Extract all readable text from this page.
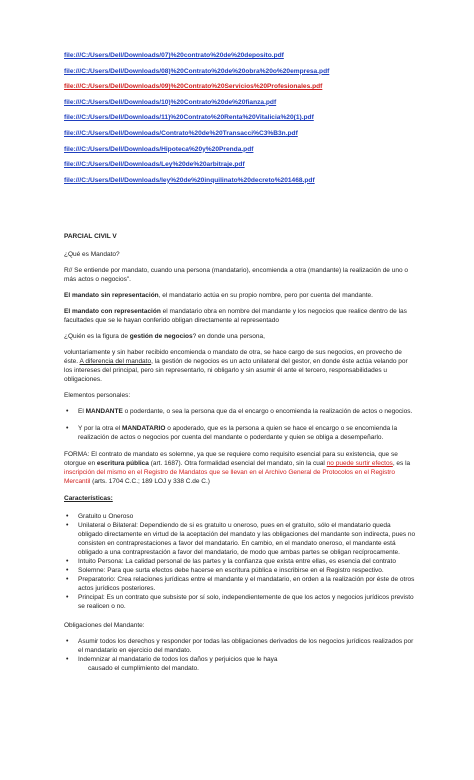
file:///C:/Users/Dell/Downloads/07)%20contrato%20de%20deposito.pdf
file:///C:/Users/Dell/Downloads/08)%20Contrato%20de%20obra%20o%20empresa.pdf
file:///C:/Users/Dell/Downloads/09)%20Contrato%20Servicios%20Profesionales.pdf
file:///C:/Users/Dell/Downloads/10)%20Contrato%20de%20fianza.pdf
file:///C:/Users/Dell/Downloads/11)%20Contrato%20Renta%20Vitalicia%20(1).pdf
file:///C:/Users/Dell/Downloads/Contrato%20de%20Transacci%C3%B3n.pdf
file:///C:/Users/Dell/Downloads/Hipoteca%20y%20Prenda.pdf
file:///C:/Users/Dell/Downloads/Ley%20de%20arbitraje.pdf
file:///C:/Users/Dell/Downloads/ley%20de%20inquilinato%20decreto%201468.pdf

PARCIAL CIVIL V

¿Qué es Mandato?

R// Se entiende por mandato, cuando una persona (mandatario), encomienda a otra (mandante) la realización de uno o más actos o negocios".

El mandato sin representación, el mandatario actúa en su propio nombre, pero por cuenta del mandante.

El mandato con representación el mandatario obra en nombre del mandante y los negocios que realice dentro de las facultades que se le hayan conferido obligan directamente al representado

¿Quién es la figura de gestión de negocios? en donde una persona,

voluntariamente y sin haber recibido encomienda o mandato de otra, se hace cargo de sus negocios, en provecho de éste. A diferencia del mandato, la gestión de negocios es un acto unilateral del gestor, en donde éste actúa velando por los intereses del principal, pero sin representarlo, ni obligarlo y sin asumir él ante el tercero, responsabilidades u obligaciones.

Elementos personales:

• El MANDANTE o poderdante, o sea la persona que da el encargo o encomienda la realización de actos o negocios.
• Y por la otra el MANDATARIO o apoderado, que es la persona a quien se hace el encargo o se encomienda la realización de actos o negocios por cuenta del mandante o poderdante y quien se obliga a desempeñarlo.

FORMA: El contrato de mandato es solemne, ya que se requiere como requisito esencial para su existencia, que se otorgue en escritura pública (art. 1687). Otra formalidad esencial del mandato, sin la cual no puede surtir efectos, es la inscripción del mismo en el Registro de Mandatos que se llevan en el Archivo General de Protocolos en el Registro Mercantil (arts. 1704 C.C.; 189 LOJ y 338 C.de C.)

Características:

• Gratuito u Oneroso
• Unilateral o Bilateral: Dependiendo de si es gratuito u oneroso, pues en el gratuito, sólo el mandatario queda obligado directamente en virtud de la aceptación del mandato y las obligaciones del mandante son indirecta, pues no consisten en contraprestaciones a favor del mandatario. En cambio, en el mandato oneroso, el mandante está obligado a una contraprestación a favor del mandatario, de modo que ambas partes se obligan recíprocamente.
• Intuito Persona: La calidad personal de las partes y la confianza que exista entre ellas, es esencia del contrato
• Solemne: Para que surta efectos debe hacerse en escritura pública e inscribirse en el Registro respectivo.
• Preparatorio: Crea relaciones jurídicas entre el mandante y el mandatario, en orden a la realización por éste de otros actos jurídicos posteriores.
• Principal: Es un contrato que subsiste por sí solo, independientemente de que los actos y negocios jurídicos previsto se realicen o no.

Obligaciones del Mandante:

• Asumir todos los derechos y responder por todas las obligaciones derivados de los negocios jurídicos realizados por el mandatario en ejercicio del mandato.
• Indemnizar al mandatario de todos los daños y perjuicios que le haya

causado el cumplimiento del mandato.
